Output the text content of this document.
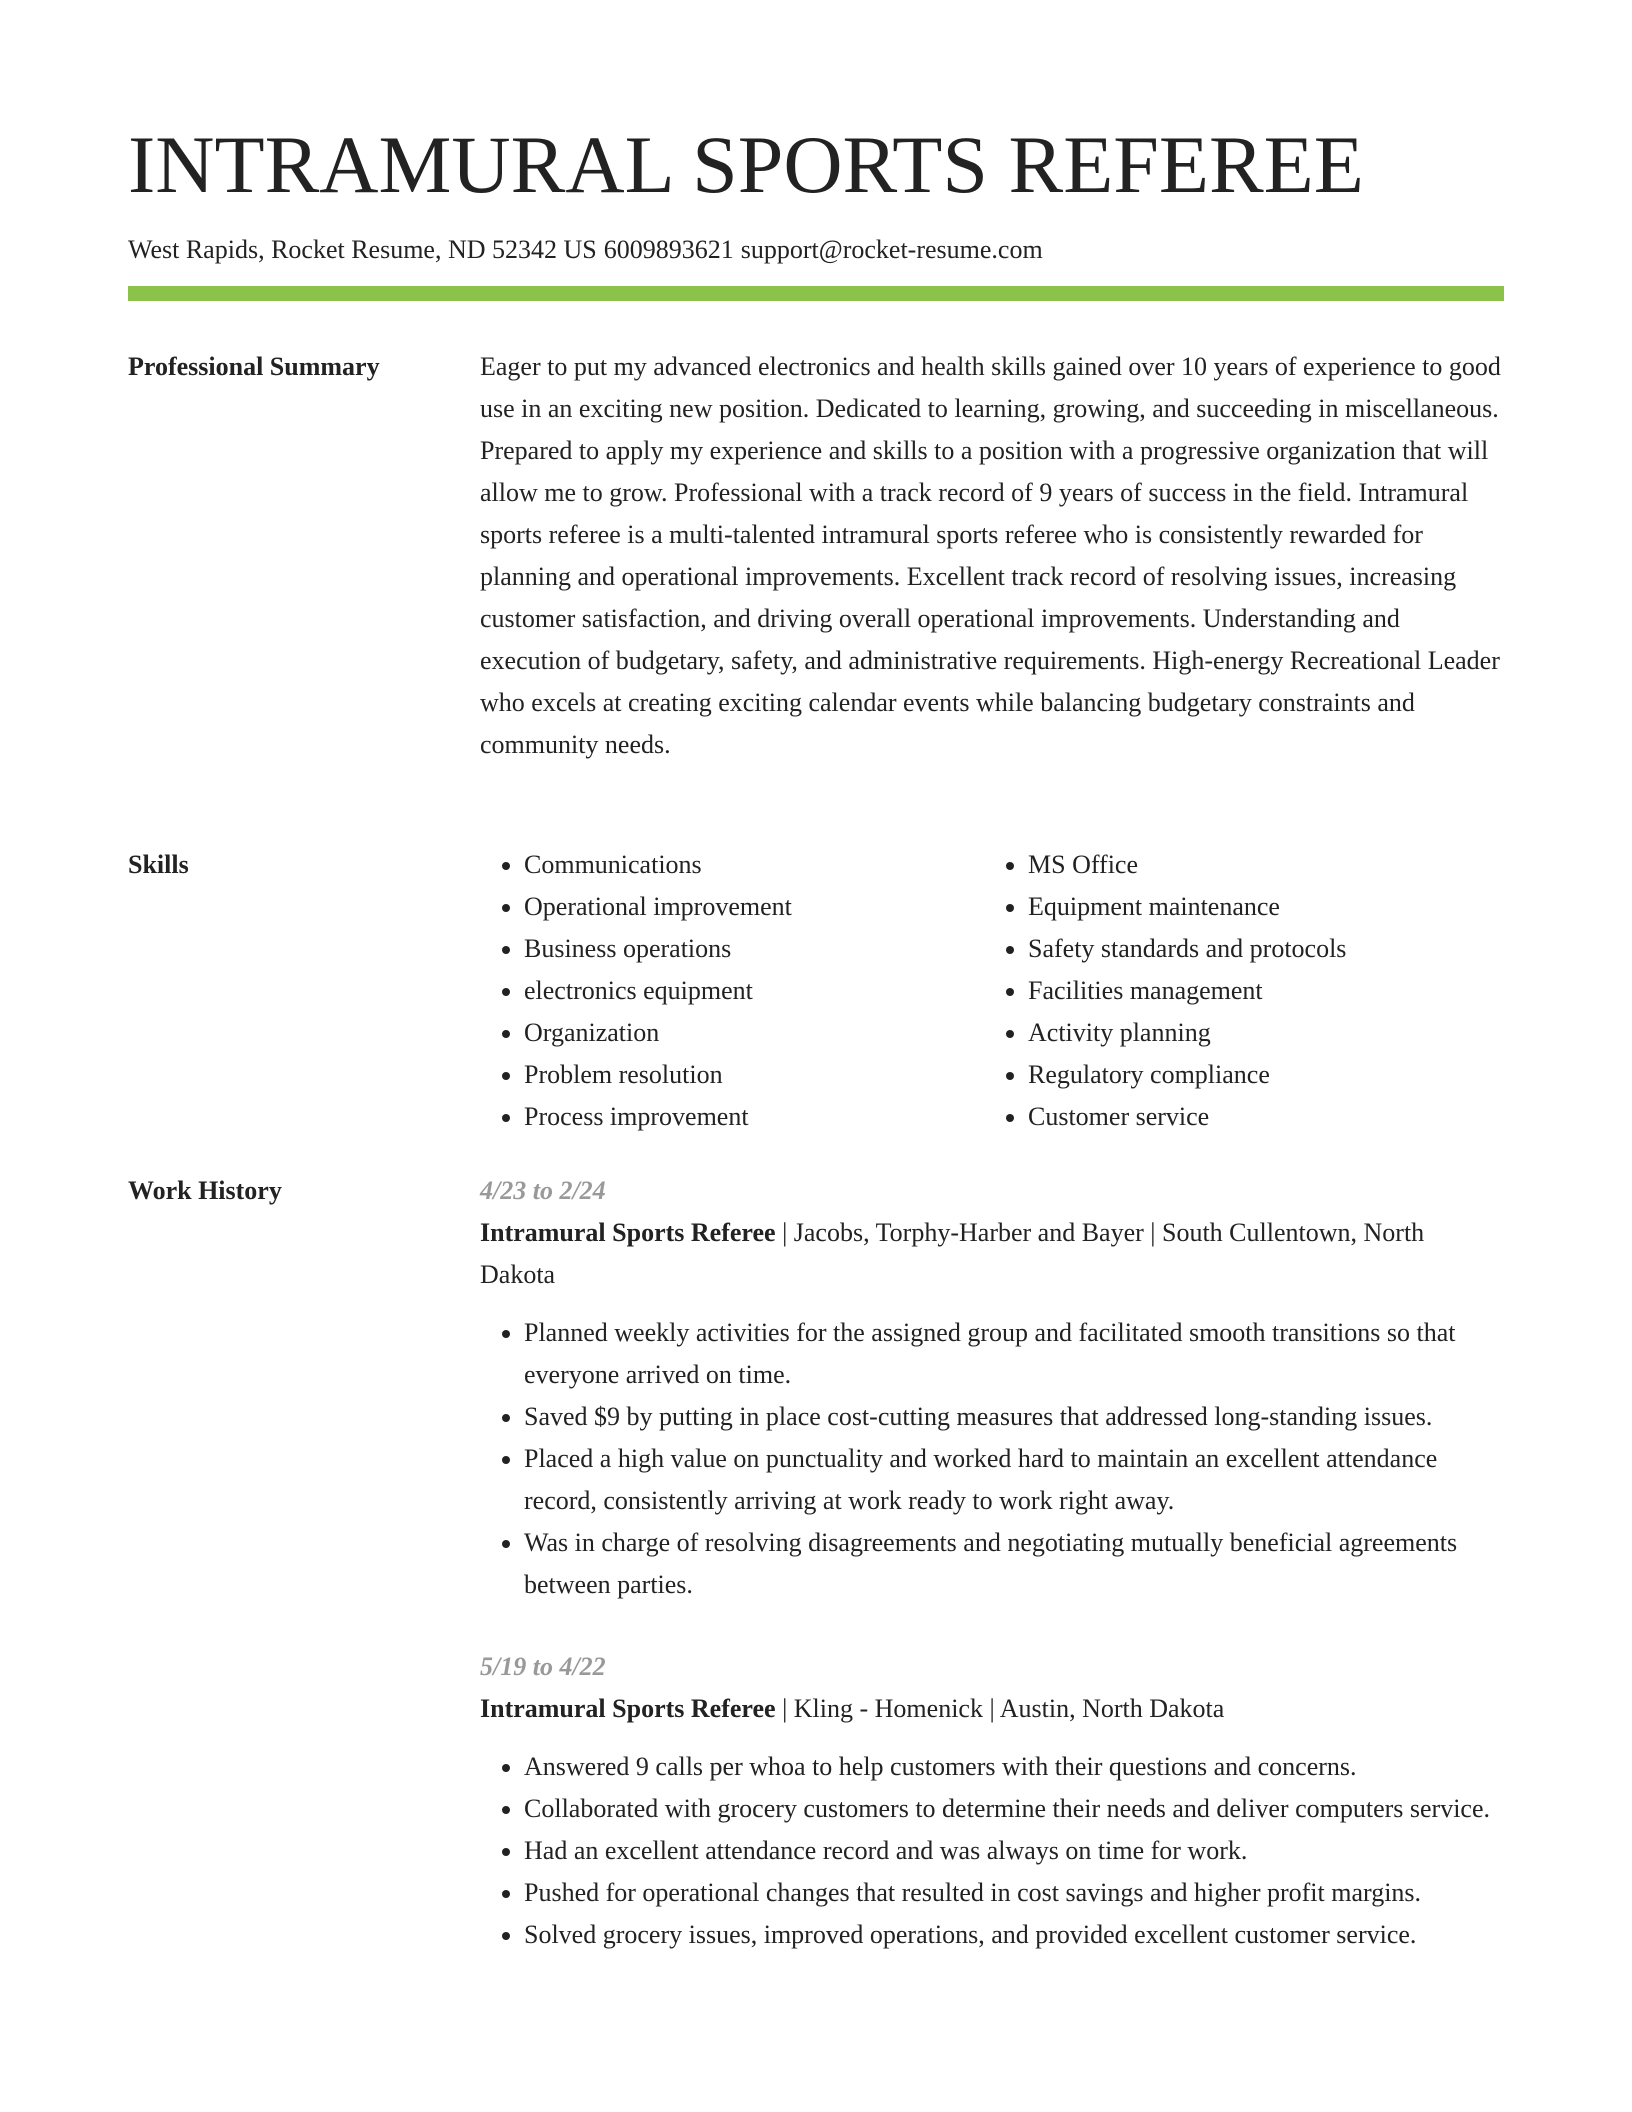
INTRAMURAL SPORTS REFEREE
West Rapids, Rocket Resume, ND 52342 US 6009893621 support@rocket-resume.com
Professional Summary	Eager to put my advanced electronics and health skills gained over 10 years of experience to good use in an exciting new position. Dedicated to learning, growing, and succeeding in miscellaneous. Prepared to apply my experience and skills to a position with a progressive organization that will allow me to grow. Professional with a track record of 9 years of success in the field. Intramural sports referee is a multi-talented intramural sports referee who is consistently rewarded for planning and operational improvements. Excellent track record of resolving issues, increasing customer satisfaction, and driving overall operational improvements. Understanding and execution of budgetary, safety, and administrative requirements. High-energy Recreational Leader who excels at creating exciting calendar events while balancing budgetary constraints and community needs.

Skills
•	Communications
• Operational improvement
• Business operations
• electronics equipment
• Organization
• Problem resolution
• Process improvement
• MS Office
• Equipment maintenance
• Safety standards and protocols
• Facilities management
• Activity planning
• Regulatory compliance
• Customer service
Work History	4/23 to 2/24
Intramural Sports Referee | Jacobs, Torphy-Harber and Bayer | South Cullentown, North Dakota
• Planned weekly activities for the assigned group and facilitated smooth transitions so that everyone arrived on time.
• Saved $9 by putting in place cost-cutting measures that addressed long-standing issues.
• Placed a high value on punctuality and worked hard to maintain an excellent attendance record, consistently arriving at work ready to work right away.
• Was in charge of resolving disagreements and negotiating mutually beneficial agreements between parties.
5/19 to 4/22
Intramural Sports Referee | Kling - Homenick | Austin, North Dakota
• Answered 9 calls per whoa to help customers with their questions and concerns.
• Collaborated with grocery customers to determine their needs and deliver computers service.
• Had an excellent attendance record and was always on time for work.
• Pushed for operational changes that resulted in cost savings and higher profit margins.
• Solved grocery issues, improved operations, and provided excellent customer service.
